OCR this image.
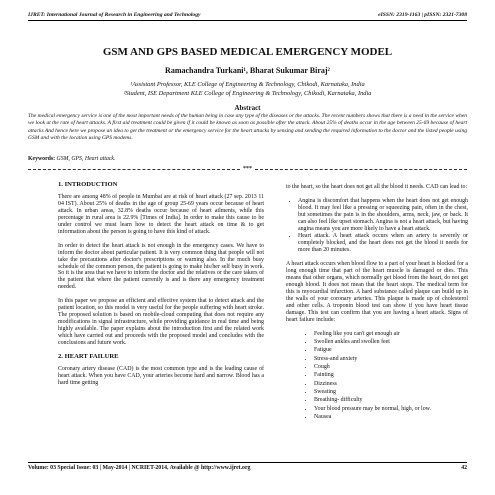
IJRET: International Journal of Research in Engineering and Technology	eISSN: 2319-1163 | pISSN: 2321-7308
GSM AND GPS BASED MEDICAL EMERGENCY MODEL
Ramachandra Turkani¹, Bharat Sukumar Biraj²
¹Assistant Professor, KLE College of Engineering & Technology, Chikodi, Karnataka, India
²Student, ISE Department KLE College of Engineering & Technology, Chikodi, Karnataka, India
Abstract

The medical emergency service is one of the most important needs of the human being in case any type of the diseases or the attacks. The recent numbers shows that there is a need in the service when we look at the rate of heart attacks. A first aid treatment could be given if it could be known as soon as possible after the attack. About 25% of deaths occur in the age between 25-69 because of heart attacks And hence here we propose an idea to get the treatment or the emergency service for the heart attacks by sensing and sending the required information to the doctor and the listed people using GSM and with the location using GPS modems.

Keywords: GSM, GPS, Heart attack.
***
1. INTRODUCTION

There are among 48% of people in Mumbai are at risk of heart attack (27 sep. 2013 11 04 IST). About 25% of deaths in the age of group 25-69 years occur because of heart attack. In urban areas, 32.8% deaths occur because of heart ailments, while this percentage in rural area is 22.9% [Times of India]. In order to make this cause to be under control we must learn how to detect the heart attack on time & to get information about the person is going to have this kind of attack.

In order to detect the heart attack is not enough in the emergency cases. We have to inform the doctor about particular patient. It is very common thing that people will not take the precautions after doctor's prescriptions or warning also. In the much busy schedule of the common person, the patient is going to make his/her self busy in work. So it is the area that we have to inform the doctor and the relatives or the care takers of the patient that where the patient currently is and is there any emergency treatment needed.

In this paper we propose an efficient and effective system that to detect attack and the patient location, so this model is very useful for the people suffering with heart stroke. The proposed solution is based on mobile-cloud computing that does not require any modifications in signal infrastructure, while providing guidance in real time and being highly available. The paper explains about the introduction first and the related work which have carried out and proceeds with the proposed model and concludes with the conclusions and future work.

2. HEART FAILURE

Coronary artery disease (CAD) is the most common type and is the leading cause of heart attack. When you have CAD, your arteries become hard and narrow. Blood has a hard time getting

to the heart, so the heart does not get all the blood it needs. CAD can lead to:

• Angina is discomfort that happens when the heart does not get enough blood. It may feel like a pressing or squeezing pain, often in the chest, but sometimes the pain is in the shoulders, arms, neck, jaw, or back. It can also feel like upset stomach. Angina is not a heart attack, but having angina means you are more likely to have a heart attack.
• Heart attack. A heart attack occurs when an artery is severely or completely blocked, and the heart does not get the blood it needs for more than 20 minutes.

A heart attack occurs when blood flow to a part of your heart is blocked for a long enough time that part of the heart muscle is damaged or dies. This means that other organs, which normally get blood from the heart, do not get enough blood. It does not mean that the heart stops. The medical term for this is myocardial infarction. A hard substance called plaque can build up in the walls of your coronary arteries. This plaque is made up of cholesterol and other cells. A troponin blood test can show if you have heart tissue damage. This test can confirm that you are having a heart attack. Signs of heart failure include:

• Feeling like you can't get enough air
• Swollen ankles and swollen feet
• Fatigue
• Stress-and anxiety
• Cough
• Fainting
• Dizziness
• Sweating
• Breathing- difficulty
• Your blood pressure may be normal, high, or low.
• Nausea
Volume: 03 Special Issue: 03 | May-2014 | NCRIET-2014, Available @ http://www.ijret.org	42
